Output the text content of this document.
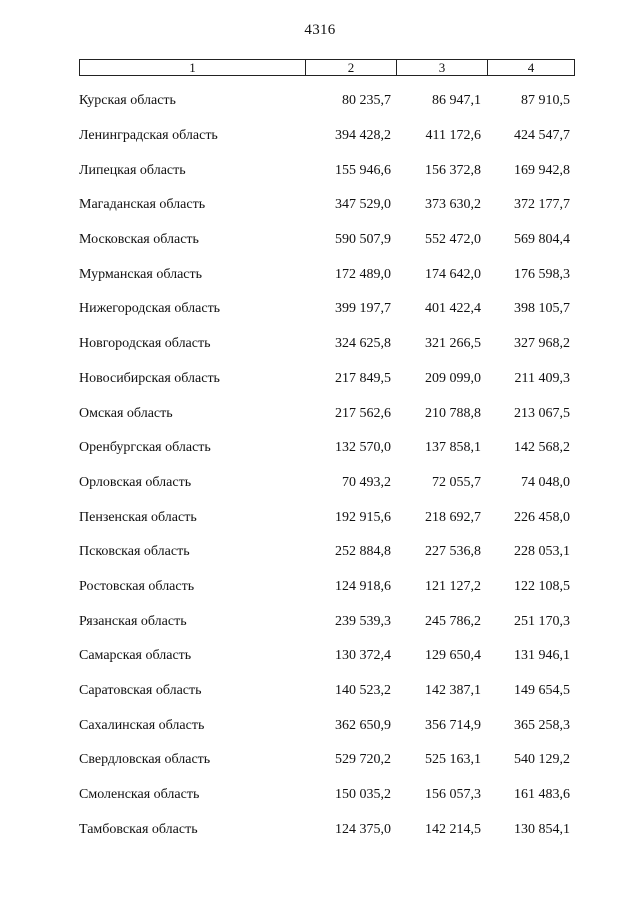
4316
1	2	3	4
Курская область	80 235,7	86 947,1	87 910,5
Ленинградская область	394 428,2	411 172,6	424 547,7
Липецкая область	155 946,6	156 372,8	169 942,8
Магаданская область	347 529,0	373 630,2	372 177,7
Московская область	590 507,9	552 472,0	569 804,4
Мурманская область	172 489,0	174 642,0	176 598,3
Нижегородская область	399 197,7	401 422,4	398 105,7
Новгородская область	324 625,8	321 266,5	327 968,2
Новосибирская область	217 849,5	209 099,0	211 409,3
Омская область	217 562,6	210 788,8	213 067,5
Оренбургская область	132 570,0	137 858,1	142 568,2
Орловская область	70 493,2	72 055,7	74 048,0
Пензенская область	192 915,6	218 692,7	226 458,0
Псковская область	252 884,8	227 536,8	228 053,1
Ростовская область	124 918,6	121 127,2	122 108,5
Рязанская область	239 539,3	245 786,2	251 170,3
Самарская область	130 372,4	129 650,4	131 946,1
Саратовская область	140 523,2	142 387,1	149 654,5
Сахалинская область	362 650,9	356 714,9	365 258,3
Свердловская область	529 720,2	525 163,1	540 129,2
Смоленская область	150 035,2	156 057,3	161 483,6
Тамбовская область	124 375,0	142 214,5	130 854,1
